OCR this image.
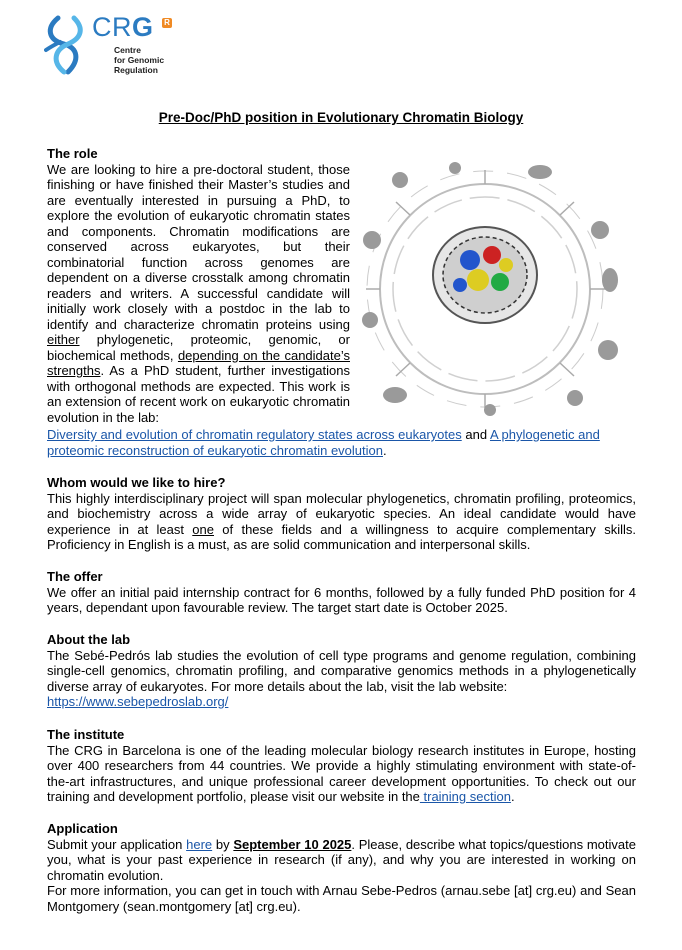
CRG R
Centre
for Genomic
Regulation
Pre-Doc/PhD position in Evolutionary Chromatin Biology
The role
We are looking to hire a pre-doctoral student, those finishing or have finished their Master’s studies and are eventually interested in pursuing a PhD, to explore the evolution of eukaryotic chromatin states and components. Chromatin modifications are conserved across eukaryotes, but their combinatorial function across genomes are dependent on a diverse crosstalk among chromatin readers and writers. A successful candidate will initially work closely with a postdoc in the lab to identify and characterize chromatin proteins using either phylogenetic, proteomic, genomic, or biochemical methods, depending on the candidate’s strengths. As a PhD student, further investigations with orthogonal methods are expected. This work is an extension of recent work on eukaryotic chromatin evolution in the lab:
Diversity and evolution of chromatin regulatory states across eukaryotes and A phylogenetic and proteomic reconstruction of eukaryotic chromatin evolution.
Whom would we like to hire?
This highly interdisciplinary project will span molecular phylogenetics, chromatin profiling, proteomics, and biochemistry across a wide array of eukaryotic species. An ideal candidate would have experience in at least one of these fields and a willingness to acquire complementary skills. Proficiency in English is a must, as are solid communication and interpersonal skills.
The offer
We offer an initial paid internship contract for 6 months, followed by a fully funded PhD position for 4 years, dependant upon favourable review. The target start date is October 2025.
About the lab
The Sebé-Pedrós lab studies the evolution of cell type programs and genome regulation, combining single-cell genomics, chromatin profiling, and comparative genomics methods in a phylogenetically diverse array of eukaryotes. For more details about the lab, visit the lab website:
https://www.sebepedroslab.org/
The institute
The CRG in Barcelona is one of the leading molecular biology research institutes in Europe, hosting over 400 researchers from 44 countries. We provide a highly stimulating environment with state-of-the-art infrastructures, and unique professional career development opportunities. To check out our training and development portfolio, please visit our website in the training section.
Application
Submit your application here by September 10 2025. Please, describe what topics/questions motivate you, what is your past experience in research (if any), and why you are interested in working on chromatin evolution.
For more information, you can get in touch with Arnau Sebe-Pedros (arnau.sebe [at] crg.eu) and Sean Montgomery (sean.montgomery [at] crg.eu).
